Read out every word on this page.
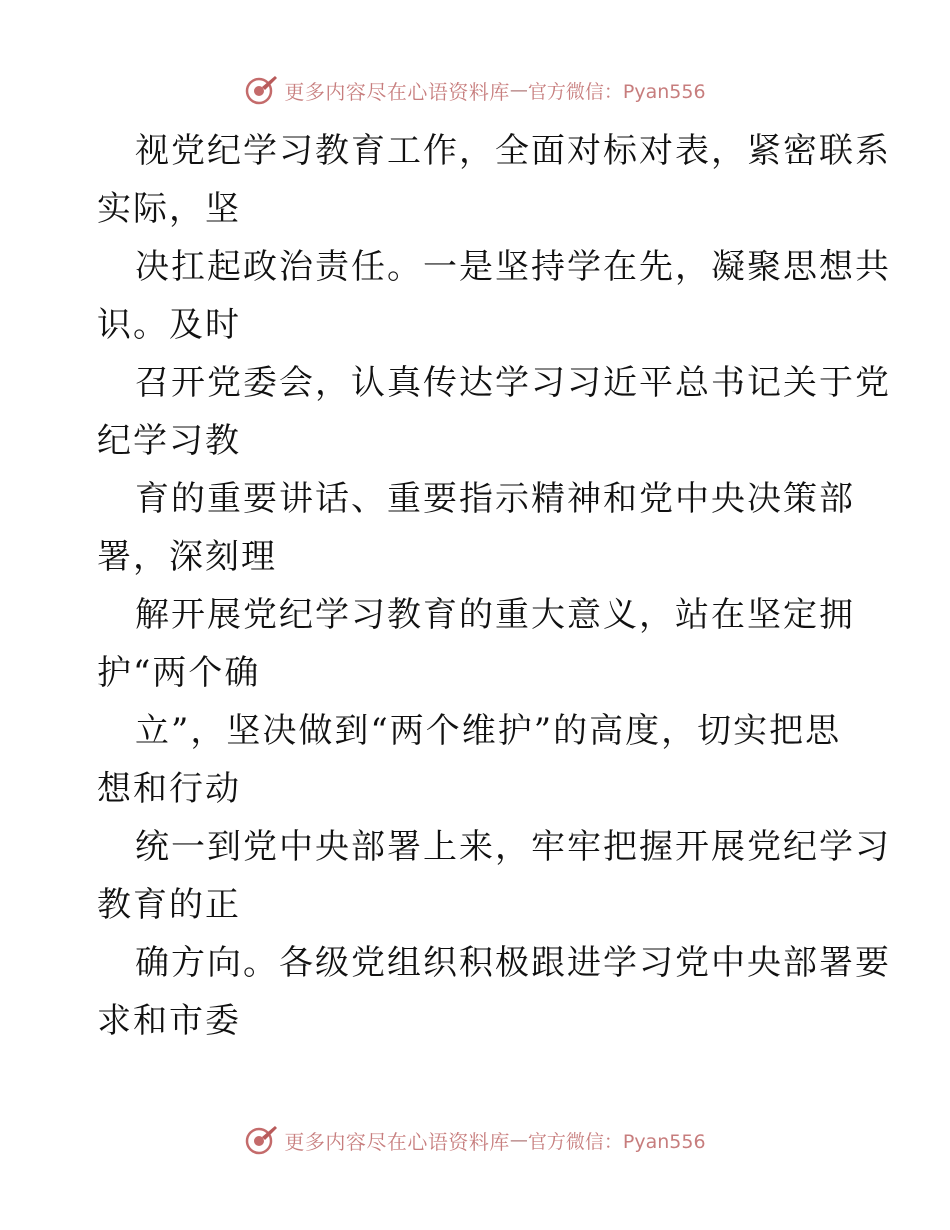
更多内容尽在心语资料库 — 官方微信：Pyan556
视党纪学习教育工作，全面对标对表，紧密联系
实际，坚
决扛起政治责任。一是坚持学在先，凝聚思想共
识。及时
召开党委会，认真传达学习习近平总书记关于党
纪学习教
育的重要讲话、重要指示精神和党中央决策部
署，深刻理
解开展党纪学习教育的重大意义，站在坚定拥
护“两个确
立”，坚决做到“两个维护”的高度，切实把思
想和行动
统一到党中央部署上来，牢牢把握开展党纪学习
教育的正
确方向。各级党组织积极跟进学习党中央部署要
求和市委
更多内容尽在心语资料库 — 官方微信：Pyan556
